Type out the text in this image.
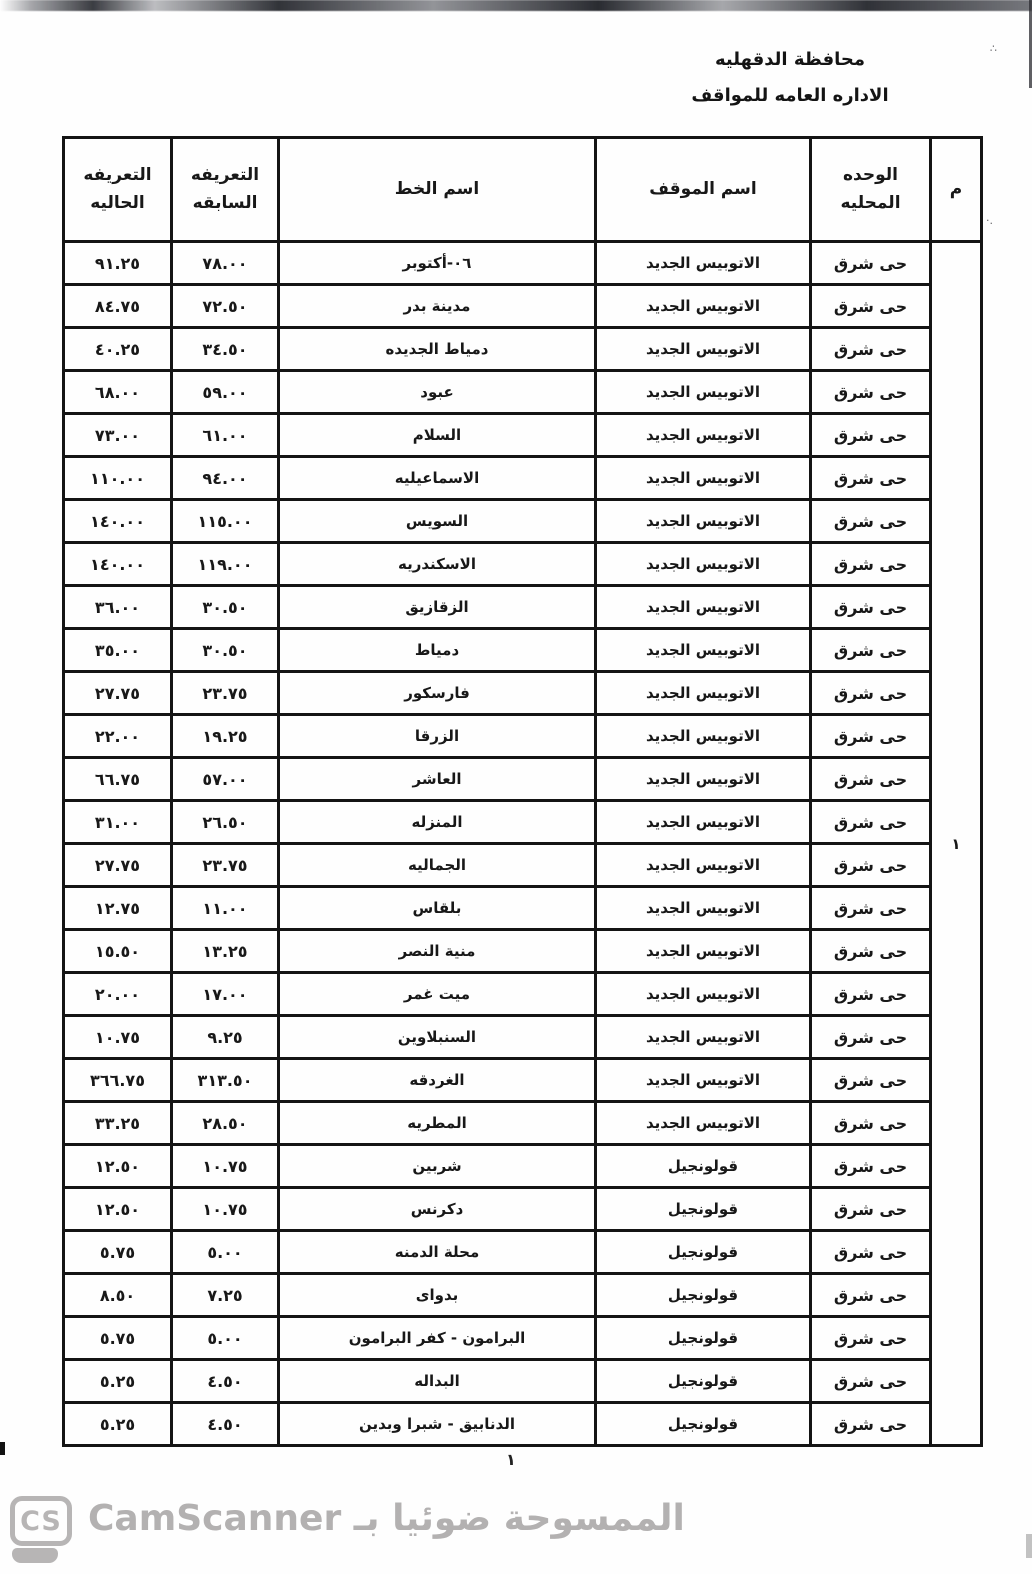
∴
·.
محافظة الدقهليه
الاداره العامه للمواقف
م	الوحده المحليه	اسم الموقف	اسم الخط	التعريفه السابقه	التعريفه الحاليه
١	حى شرق	الاتوبيس الجديد	٠٦-أكتوبر	٧٨.٠٠	٩١.٢٥
	حى شرق	الاتوبيس الجديد	مدينة بدر	٧٢.٥٠	٨٤.٧٥
	حى شرق	الاتوبيس الجديد	دمياط الجديده	٣٤.٥٠	٤٠.٢٥
	حى شرق	الاتوبيس الجديد	عبود	٥٩.٠٠	٦٨.٠٠
	حى شرق	الاتوبيس الجديد	السلام	٦١.٠٠	٧٣.٠٠
	حى شرق	الاتوبيس الجديد	الاسماعيليه	٩٤.٠٠	١١٠.٠٠
	حى شرق	الاتوبيس الجديد	السويس	١١٥.٠٠	١٤٠.٠٠
	حى شرق	الاتوبيس الجديد	الاسكندريه	١١٩.٠٠	١٤٠.٠٠
	حى شرق	الاتوبيس الجديد	الزقازيق	٣٠.٥٠	٣٦.٠٠
	حى شرق	الاتوبيس الجديد	دمياط	٣٠.٥٠	٣٥.٠٠
	حى شرق	الاتوبيس الجديد	فارسكور	٢٣.٧٥	٢٧.٧٥
	حى شرق	الاتوبيس الجديد	الزرقا	١٩.٢٥	٢٢.٠٠
	حى شرق	الاتوبيس الجديد	العاشر	٥٧.٠٠	٦٦.٧٥
	حى شرق	الاتوبيس الجديد	المنزله	٢٦.٥٠	٣١.٠٠
	حى شرق	الاتوبيس الجديد	الجماليه	٢٣.٧٥	٢٧.٧٥
	حى شرق	الاتوبيس الجديد	بلقاس	١١.٠٠	١٢.٧٥
	حى شرق	الاتوبيس الجديد	منية النصر	١٣.٢٥	١٥.٥٠
	حى شرق	الاتوبيس الجديد	ميت غمر	١٧.٠٠	٢٠.٠٠
	حى شرق	الاتوبيس الجديد	السنبلاوين	٩.٢٥	١٠.٧٥
	حى شرق	الاتوبيس الجديد	الغردقه	٣١٣.٥٠	٣٦٦.٧٥
	حى شرق	الاتوبيس الجديد	المطريه	٢٨.٥٠	٣٣.٢٥
	حى شرق	قولونجيل	شربين	١٠.٧٥	١٢.٥٠
	حى شرق	قولونجيل	دكرنس	١٠.٧٥	١٢.٥٠
	حى شرق	قولونجيل	محلة الدمنه	٥.٠٠	٥.٧٥
	حى شرق	قولونجيل	بدواى	٧.٢٥	٨.٥٠
	حى شرق	قولونجيل	البرامون - كفر البرامون	٥.٠٠	٥.٧٥
	حى شرق	قولونجيل	البداله	٤.٥٠	٥.٢٥
	حى شرق	قولونجيل	الدنابيق - شبرا وبدين	٤.٥٠	٥.٢٥
١
CS الممسوحة ضوئيا بـ CamScanner
